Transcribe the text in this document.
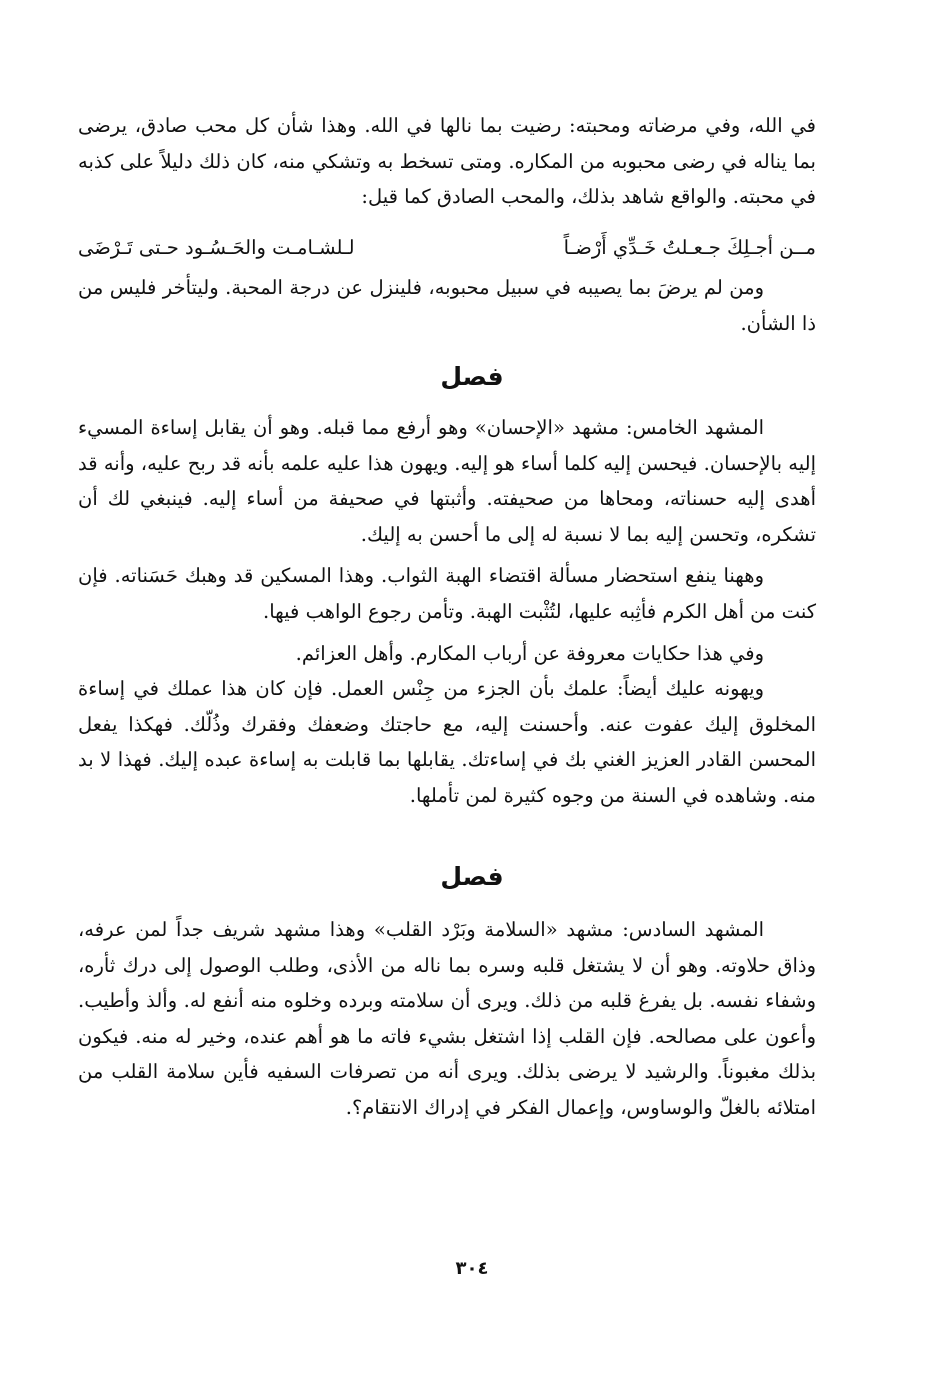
في الله، وفي مرضاته ومحبته: رضيت بما نالها في الله. وهذا شأن كل محب صادق، يرضى بما يناله في رضى محبوبه من المكاره. ومتى تسخط به وتشكي منه، كان ذلك دليلاً على كذبه في محبته. والواقع شاهد بذلك، والمحب الصادق كما قيل:

مــن أجـلِكَ جـعـلتُ خَـدِّي أَرْضـاً
لـلشـامـت والحَـسُـود حـتى تَـرْضَى

ومن لم يرضَ بما يصيبه في سبيل محبوبه، فلينزل عن درجة المحبة. وليتأخر فليس من ذا الشأن.

فصل

المشهد الخامس: مشهد «الإحسان» وهو أرفع مما قبله. وهو أن يقابل إساءة المسيء إليه بالإحسان. فيحسن إليه كلما أساء هو إليه. ويهون هذا عليه علمه بأنه قد ربح عليه، وأنه قد أهدى إليه حسناته، ومحاها من صحيفته. وأثبتها في صحيفة من أساء إليه. فينبغي لك أن تشكره، وتحسن إليه بما لا نسبة له إلى ما أحسن به إليك.

وههنا ينفع استحضار مسألة اقتضاء الهبة الثواب. وهذا المسكين قد وهبك حَسَناته. فإن كنت من أهل الكرم فأثِبه عليها، لتُثْبت الهبة. وتأمن رجوع الواهب فيها.

وفي هذا حكايات معروفة عن أرباب المكارم. وأهل العزائم.

ويهونه عليك أيضاً: علمك بأن الجزء من جِنْس العمل. فإن كان هذا عملك في إساءة المخلوق إليك عفوت عنه. وأحسنت إليه، مع حاجتك وضعفك وفقرك وذُلّك. فهكذا يفعل المحسن القادر العزيز الغني بك في إساءتك. يقابلها بما قابلت به إساءة عبده إليك. فهذا لا بد منه. وشاهده في السنة من وجوه كثيرة لمن تأملها.

فصل

المشهد السادس: مشهد «السلامة وبَرْد القلب» وهذا مشهد شريف جداً لمن عرفه، وذاق حلاوته. وهو أن لا يشتغل قلبه وسره بما ناله من الأذى، وطلب الوصول إلى درك ثأره، وشفاء نفسه. بل يفرغ قلبه من ذلك. ويرى أن سلامته وبرده وخلوه منه أنفع له. وألذ وأطيب. وأعون على مصالحه. فإن القلب إذا اشتغل بشيء فاته ما هو أهم عنده، وخير له منه. فيكون بذلك مغبوناً. والرشيد لا يرضى بذلك. ويرى أنه من تصرفات السفيه فأين سلامة القلب من امتلائه بالغلّ والوساوس، وإعمال الفكر في إدراك الانتقام؟.

٣٠٤
